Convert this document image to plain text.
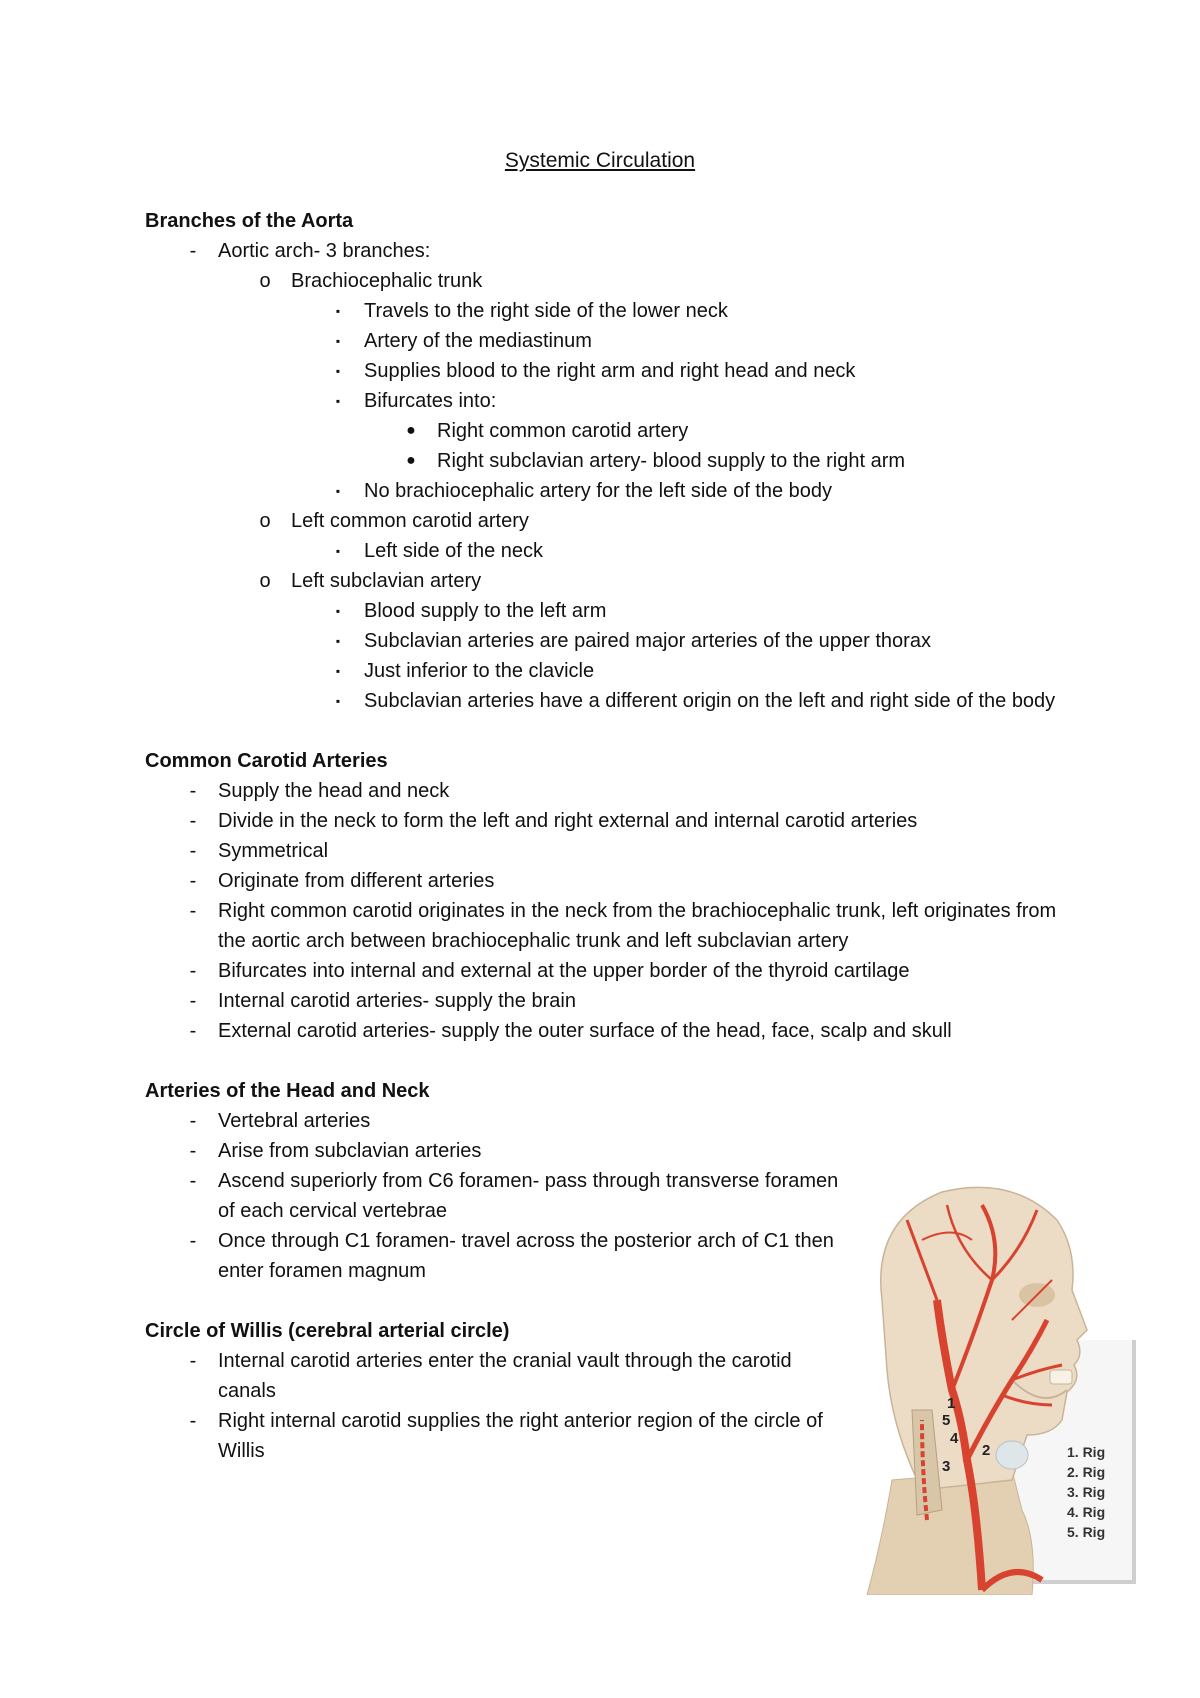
Systemic Circulation
Branches of the Aorta
-	Aortic arch- 3 branches:
o Brachiocephalic trunk
▪	Travels to the right side of the lower neck
▪	Artery of the mediastinum
▪	Supplies blood to the right arm and right head and neck
▪	Bifurcates into:
● Right common carotid artery
● Right subclavian artery- blood supply to the right arm
▪	No brachiocephalic artery for the left side of the body
o Left common carotid artery
▪	Left side of the neck
o Left subclavian artery
▪	Blood supply to the left arm
▪	Subclavian arteries are paired major arteries of the upper thorax
▪	Just inferior to the clavicle
▪	Subclavian arteries have a different origin on the left and right side of the body
Common Carotid Arteries
-	Supply the head and neck
-	Divide in the neck to form the left and right external and internal carotid arteries
-	Symmetrical
-	Originate from different arteries
-	Right common carotid originates in the neck from the brachiocephalic trunk, left originates from the aortic arch between brachiocephalic trunk and left subclavian artery
-	Bifurcates into internal and external at the upper border of the thyroid cartilage
-	Internal carotid arteries- supply the brain
-	External carotid arteries- supply the outer surface of the head, face, scalp and skull
Arteries of the Head and Neck
-	Vertebral arteries
-	Arise from subclavian arteries
-	Ascend superiorly from C6 foramen- pass through transverse foramen of each cervical vertebrae
-	Once through C1 foramen- travel across the posterior arch of C1 then enter foramen magnum
Circle of Willis (cerebral arterial circle)
-	Internal carotid arteries enter the cranial vault through the carotid canals
-	Right internal carotid supplies the right anterior region of the circle of Willis
1
2
3
4
5
1. Rig
2. Rig
3. Rig
4. Rig
5. Rig
